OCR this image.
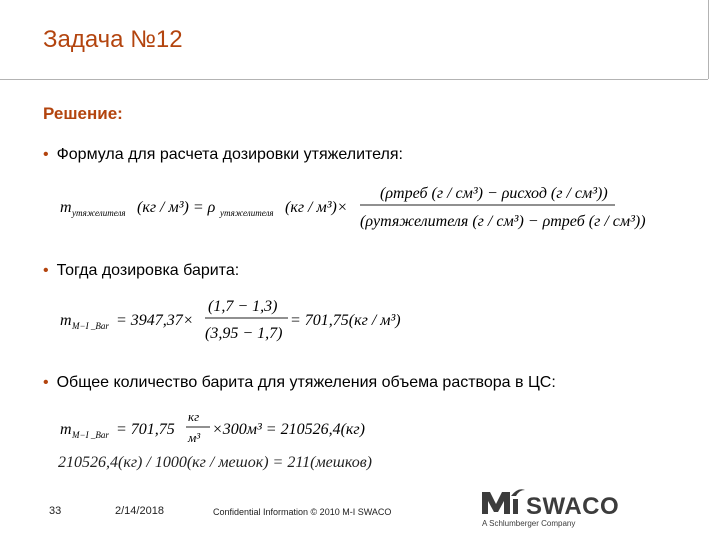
Задача №12
Решение:
• Формула для расчета дозировки утяжелителя:
m утяжелителя (кг / м³) = ρ утяжелителя (кг / м³)×
(ρтреб (г / см³) − ρисход (г / см³))
(ρутяжелителя (г / см³) − ρтреб (г / см³))
• Тогда дозировка барита:
m M−I _Bar = 3947,37×
(1,7 − 1,3)
(3,95 − 1,7)
= 701,75(кг / м³)
• Общее количество барита для утяжеления объема раствора в ЦС:
m M−I _Bar = 701,75
кг
м³ ×300м³ = 210526,4(кг)
210526,4(кг) / 1000(кг / мешок) = 211(мешков)
33	2/14/2018	Confidential Information © 2010 M-I SWACO	SWACO
A Schlumberger Company
